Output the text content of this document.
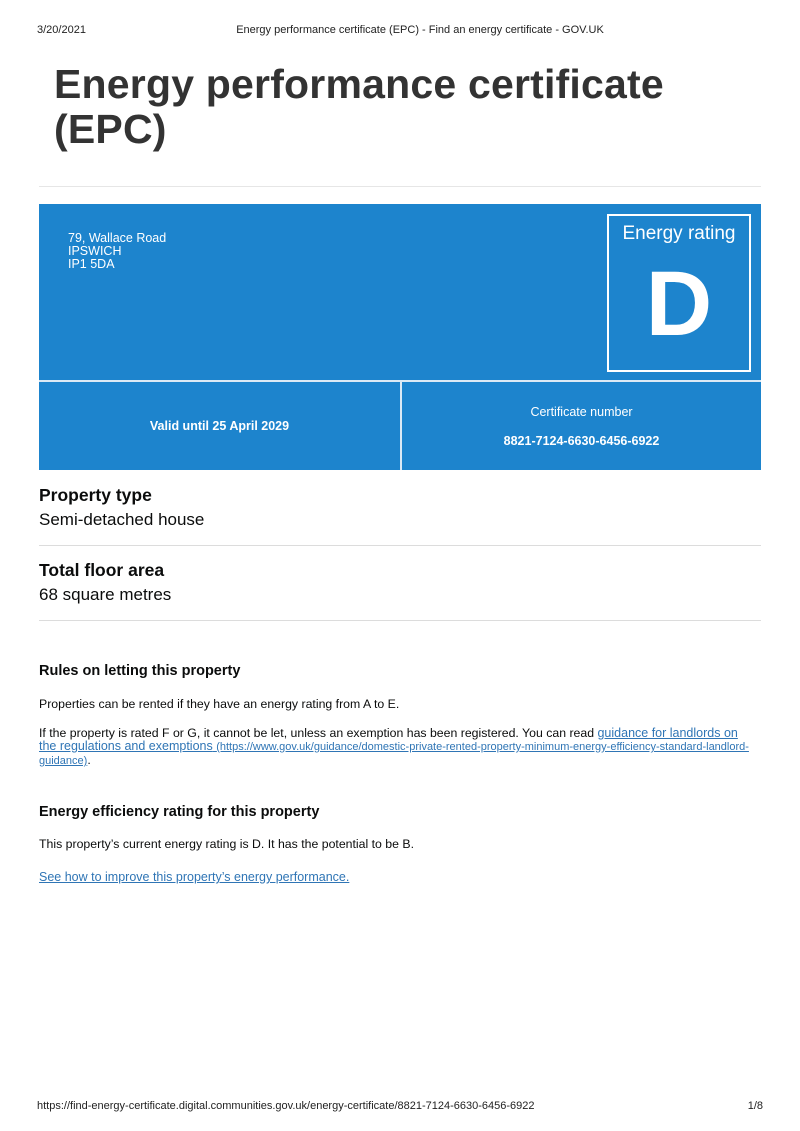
3/20/2021	Energy performance certificate (EPC) - Find an energy certificate - GOV.UK
Energy performance certificate (EPC)
79, Wallace Road
IPSWICH
IP1 5DA
Energy rating
D
Valid until 25 April 2029
Certificate number
8821-7124-6630-6456-6922
Property type
Semi-detached house
Total floor area
68 square metres
Rules on letting this property

Properties can be rented if they have an energy rating from A to E.

If the property is rated F or G, it cannot be let, unless an exemption has been registered. You can read guidance for landlords on the regulations and exemptions (https://www.gov.uk/guidance/domestic-private-rented-property-minimum-energy-efficiency-standard-landlord-guidance).

Energy efficiency rating for this property

This property’s current energy rating is D. It has the potential to be B.

See how to improve this property’s energy performance.

https://find-energy-certificate.digital.communities.gov.uk/energy-certificate/8821-7124-6630-6456-6922	1/8
